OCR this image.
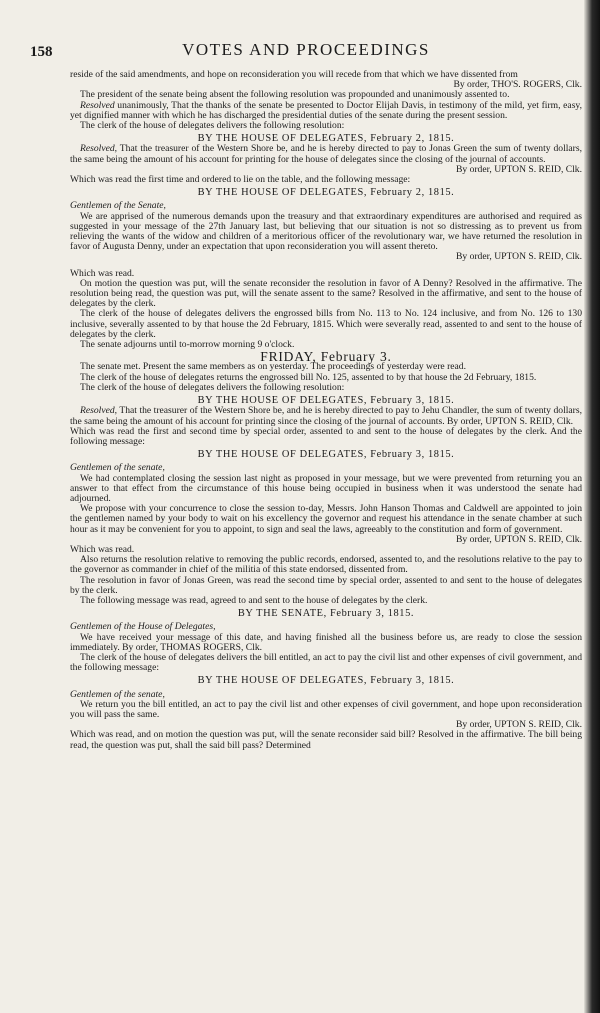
158	VOTES AND PROCEEDINGS
reside of the said amendments, and hope on reconsideration you will recede from that which we have dissented from
By order, THO'S. ROGERS, Clk.
The president of the senate being absent the following resolution was propounded and unanimously assented to.
Resolved unanimously, That the thanks of the senate be presented to Doctor Elijah Davis, in testimony of the mild, yet firm, easy, yet dignified manner with which he has discharged the presidential duties of the senate during the present session.
The clerk of the house of delegates delivers the following resolution:
BY THE HOUSE OF DELEGATES, February 2, 1815.
Resolved, That the treasurer of the Western Shore be, and he is hereby directed to pay to Jonas Green the sum of twenty dollars, the same being the amount of his account for printing for the house of delegates since the closing of the journal of accounts.
By order, UPTON S. REID, Clk.
Which was read the first time and ordered to lie on the table, and the following message:
BY THE HOUSE OF DELEGATES, February 2, 1815.
Gentlemen of the Senate,
We are apprised of the numerous demands upon the treasury and that extraordinary expenditures are authorised and required as suggested in your message of the 27th January last, but believing that our situation is not so distressing as to prevent us from relieving the wants of the widow and children of a meritorious officer of the revolutionary war, we have returned the resolution in favor of Augusta Denny, under an expectation that upon reconsideration you will assent thereto.
By order, UPTON S. REID, Clk.
Which was read.
On motion the question was put, will the senate reconsider the resolution in favor of A Denny? Resolved in the affirmative. The resolution being read, the question was put, will the senate assent to the same? Resolved in the affirmative, and sent to the house of delegates by the clerk.
The clerk of the house of delegates delivers the engrossed bills from No. 113 to No. 124 inclusive, and from No. 126 to 130 inclusive, severally assented to by that house the 2d February, 1815. Which were severally read, assented to and sent to the house of delegates by the clerk.
The senate adjourns until to-morrow morning 9 o'clock.
FRIDAY, February 3.
The senate met. Present the same members as on yesterday. The proceedings of yesterday were read.
The clerk of the house of delegates returns the engrossed bill No. 125, assented to by that house the 2d February, 1815.
The clerk of the house of delegates delivers the following resolution:
BY THE HOUSE OF DELEGATES, February 3, 1815.
Resolved, That the treasurer of the Western Shore be, and he is hereby directed to pay to Jehu Chandler, the sum of twenty dollars, the same being the amount of his account for printing since the closing of the journal of accounts. By order, UPTON S. REID, Clk.
Which was read the first and second time by special order, assented to and sent to the house of delegates by the clerk. And the following message:
BY THE HOUSE OF DELEGATES, February 3, 1815.
Gentlemen of the senate,
We had contemplated closing the session last night as proposed in your message, but we were prevented from returning you an answer to that effect from the circumstance of this house being occupied in business when it was understood the senate had adjourned.
We propose with your concurrence to close the session to-day, Messrs. John Hanson Thomas and Caldwell are appointed to join the gentlemen named by your body to wait on his excellency the governor and request his attendance in the senate chamber at such hour as it may be convenient for you to appoint, to sign and seal the laws, agreeably to the constitution and form of government.
By order, UPTON S. REID, Clk.
Which was read.
Also returns the resolution relative to removing the public records, endorsed, assented to, and the resolutions relative to the pay to the governor as commander in chief of the militia of this state endorsed, dissented from.
The resolution in favor of Jonas Green, was read the second time by special order, assented to and sent to the house of delegates by the clerk.
The following message was read, agreed to and sent to the house of delegates by the clerk.
BY THE SENATE, February 3, 1815.
Gentlemen of the House of Delegates,
We have received your message of this date, and having finished all the business before us, are ready to close the session immediately. By order, THOMAS ROGERS, Clk.
The clerk of the house of delegates delivers the bill entitled, an act to pay the civil list and other expenses of civil government, and the following message:
BY THE HOUSE OF DELEGATES, February 3, 1815.
Gentlemen of the senate,
We return you the bill entitled, an act to pay the civil list and other expenses of civil government, and hope upon reconsideration you will pass the same.
By order, UPTON S. REID, Clk.
Which was read, and on motion the question was put, will the senate reconsider said bill? Resolved in the affirmative. The bill being read, the question was put, shall the said bill pass? Determined
